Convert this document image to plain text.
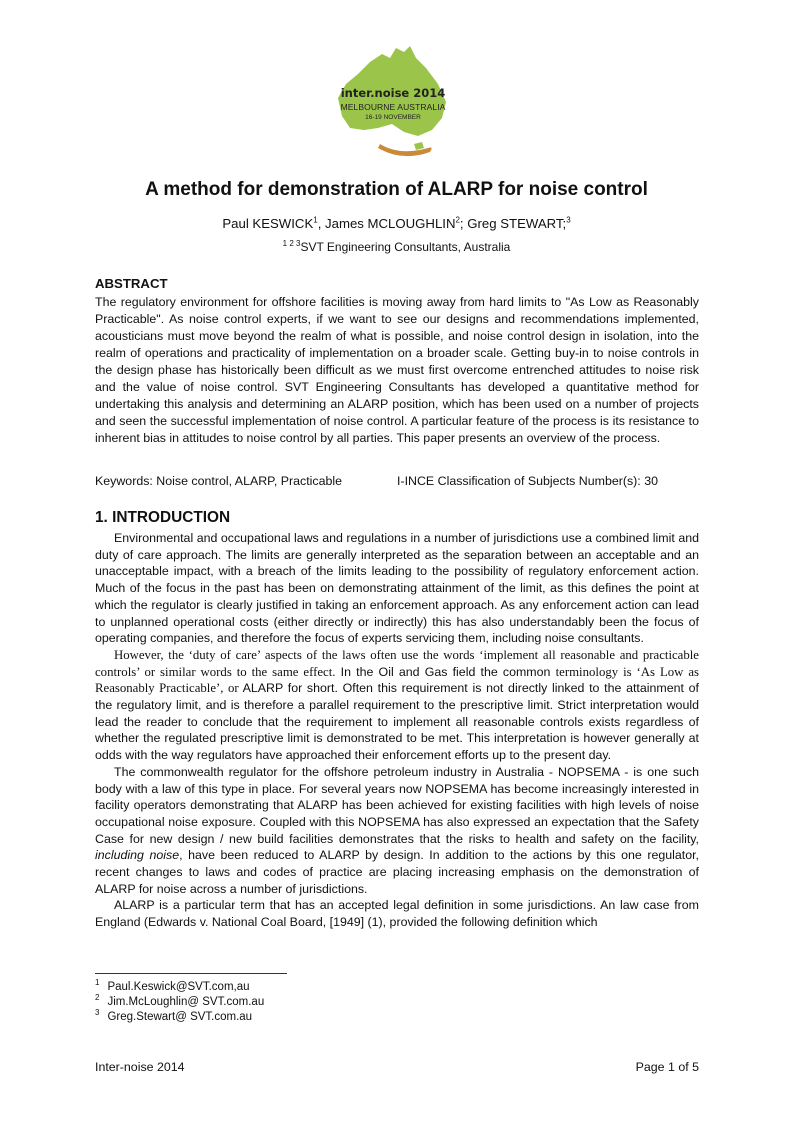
inter.noise 2014
MELBOURNE AUSTRALIA
16-19 NOVEMBER
A method for demonstration of ALARP for noise control
Paul KESWICK$^1$, James MCLOUGHLIN$^2$; Greg STEWART;$^3$
$^{1 2 3}$SVT Engineering Consultants, Australia
ABSTRACT

The regulatory environment for offshore facilities is moving away from hard limits to "As Low as Reasonably Practicable". As noise control experts, if we want to see our designs and recommendations implemented, acousticians must move beyond the realm of what is possible, and noise control design in isolation, into the realm of operations and practicality of implementation on a broader scale. Getting buy-in to noise controls in the design phase has historically been difficult as we must first overcome entrenched attitudes to noise risk and the value of noise control. SVT Engineering Consultants has developed a quantitative method for undertaking this analysis and determining an ALARP position, which has been used on a number of projects and seen the successful implementation of noise control. A particular feature of the process is its resistance to inherent bias in attitudes to noise control by all parties. This paper presents an overview of the process.

Keywords: Noise control, ALARP, Practicable	I-INCE Classification of Subjects Number(s): 30
1. INTRODUCTION

Environmental and occupational laws and regulations in a number of jurisdictions use a combined limit and duty of care approach. The limits are generally interpreted as the separation between an acceptable and an unacceptable impact, with a breach of the limits leading to the possibility of regulatory enforcement action. Much of the focus in the past has been on demonstrating attainment of the limit, as this defines the point at which the regulator is clearly justified in taking an enforcement approach. As any enforcement action can lead to unplanned operational costs (either directly or indirectly) this has also understandably been the focus of operating companies, and therefore the focus of experts servicing them, including noise consultants.

However, the ‘duty of care’ aspects of the laws often use the words ‘implement all reasonable and practicable controls’ or similar words to the same effect. In the Oil and Gas field the common terminology is ‘As Low as Reasonably Practicable’, or ALARP for short. Often this requirement is not directly linked to the attainment of the regulatory limit, and is therefore a parallel requirement to the prescriptive limit. Strict interpretation would lead the reader to conclude that the requirement to implement all reasonable controls exists regardless of whether the regulated prescriptive limit is demonstrated to be met. This interpretation is however generally at odds with the way regulators have approached their enforcement efforts up to the present day.

The commonwealth regulator for the offshore petroleum industry in Australia - NOPSEMA - is one such body with a law of this type in place. For several years now NOPSEMA has become increasingly interested in facility operators demonstrating that ALARP has been achieved for existing facilities with high levels of noise occupational noise exposure. Coupled with this NOPSEMA has also expressed an expectation that the Safety Case for new design / new build facilities demonstrates that the risks to health and safety on the facility, including noise, have been reduced to ALARP by design. In addition to the actions by this one regulator, recent changes to laws and codes of practice are placing increasing emphasis on the demonstration of ALARP for noise across a number of jurisdictions.

ALARP is a particular term that has an accepted legal definition in some jurisdictions. An law case from England (Edwards v. National Coal Board, [1949] (1), provided the following definition which

$^1$ Paul.Keswick@SVT.com,au
$^2$ Jim.McLoughlin@ SVT.com.au
$^3$ Greg.Stewart@ SVT.com.au
Inter-noise 2014	Page 1 of 5
